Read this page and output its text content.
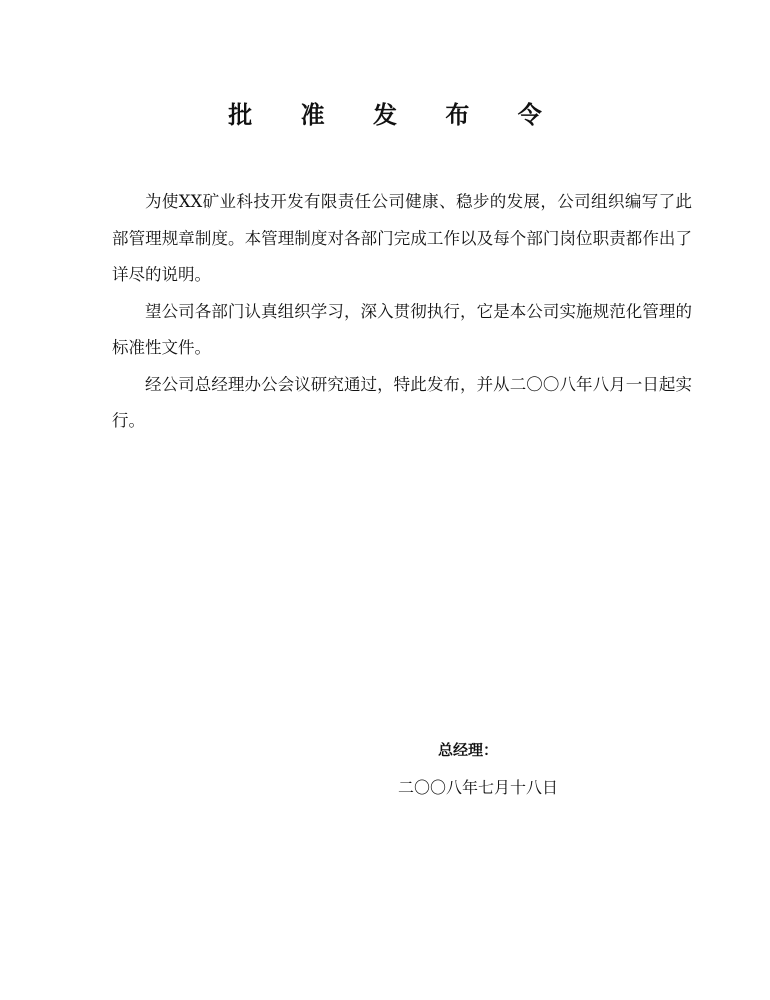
批 准 发 布 令

为使XX矿业科技开发有限责任公司健康、稳步的发展，公司组织编写了此部管理规章制度。本管理制度对各部门完成工作以及每个部门岗位职责都作出了详尽的说明。

望公司各部门认真组织学习，深入贯彻执行，它是本公司实施规范化管理的标准性文件。

经公司总经理办公会议研究通过，特此发布，并从二〇〇八年八月一日起实行。

总经理：
二〇〇八年七月十八日
